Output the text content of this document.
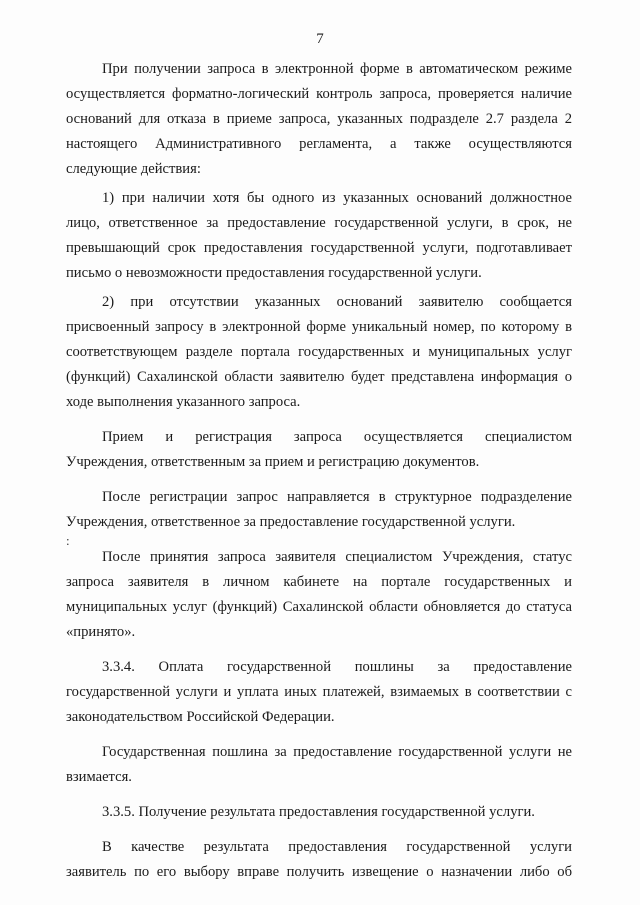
7
:
При получении запроса в электронной форме в автоматическом режиме
осуществляется форматно-логический контроль запроса, проверяется наличие
оснований для отказа в приеме запроса, указанных подразделе 2.7 раздела 2
настоящего Административного регламента, а также осуществляются
следующие действия:
1) при наличии хотя бы одного из указанных оснований должностное
лицо, ответственное за предоставление государственной услуги, в срок, не
превышающий срок предоставления государственной услуги, подготавливает
письмо о невозможности предоставления государственной услуги.
2) при отсутствии указанных оснований заявителю сообщается
присвоенный запросу в электронной форме уникальный номер, по которому в
соответствующем разделе портала государственных и муниципальных услуг
(функций) Сахалинской области заявителю будет представлена информация о
ходе выполнения указанного запроса.
Прием и регистрация запроса осуществляется специалистом
Учреждения, ответственным за прием и регистрацию документов.
После регистрации запрос направляется в структурное подразделение
Учреждения, ответственное за предоставление государственной услуги.
После принятия запроса заявителя специалистом Учреждения, статус
запроса заявителя в личном кабинете на портале государственных и
муниципальных услуг (функций) Сахалинской области обновляется до статуса
«принято».
3.3.4. Оплата государственной пошлины за предоставление
государственной услуги и уплата иных платежей, взимаемых в соответствии с
законодательством Российской Федерации.
Государственная пошлина за предоставление государственной услуги не
взимается.
3.3.5. Получение результата предоставления государственной услуги.
В качестве результата предоставления государственной услуги
заявитель по его выбору вправе получить извещение о назначении либо об
